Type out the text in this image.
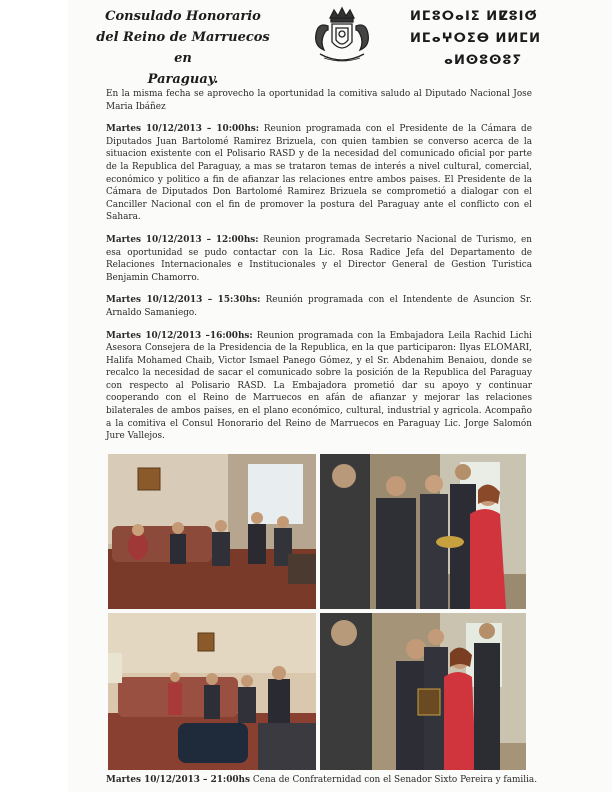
Consulado Honorario
del Reino de Marruecos en
Paraguay.
ⵍⵎⵓⵔⴰⵏⵉ ⵍⵇⵓⵏⵚ
ⵍⵎⴰⵖⵔⵉⴱ ⵍⵍⵎⵍ
ⴰⵍⵙⵓⵙⵓⵢ

En la misma fecha se aprovecho la oportunidad la comitiva saludo al Diputado Nacional Jose Maria Ibáñez

Martes 10/12/2013 – 10:00hs: Reunion programada con el Presidente de la Cámara de Diputados Juan Bartolomé Ramirez Brizuela, con quien tambien se converso acerca de la situacion existente con el Polisario RASD y de la necesidad del comunicado oficial por parte de la Republica del Paraguay, a mas se trataron temas de interés a nivel cultural, comercial, económico y politico a fin de afianzar las relaciones entre ambos paises. El Presidente de la Cámara de Diputados Don Bartolomé Ramirez Brizuela se comprometió a dialogar con el Canciller Nacional con el fin de promover la postura del Paraguay ante el conflicto con el Sahara.

Martes 10/12/2013 – 12:00hs: Reunion programada Secretario Nacional de Turismo, en esa oportunidad se pudo contactar con la Lic. Rosa Radice Jefa del Departamento de Relaciones Internacionales e Institucionales y el Director General de Gestion Turistica Benjamin Chamorro.

Martes 10/12/2013 – 15:30hs: Reunión programada con el Intendente de Asuncion Sr. Arnaldo Samaniego.

Martes 10/12/2013 –16:00hs: Reunion programada con la Embajadora Leila Rachid Lichi Asesora Consejera de la Presidencia de la Republica, en la que participaron: Ilyas ELOMARI, Halifa Mohamed Chaib, Victor Ismael Panego Gómez, y el Sr. Abdenahim Benaiou, donde se recalco la necesidad de sacar el comunicado sobre la posición de la Republica del Paraguay con respecto al Polisario RASD. La Embajadora prometió dar su apoyo y continuar cooperando con el Reino de Marruecos en afán de afianzar y mejorar las relaciones bilaterales de ambos paises, en el plano económico, cultural, industrial y agricola. Acompaño a la comitiva el Consul Honorario del Reino de Marruecos en Paraguay Lic. Jorge Salomón Jure Vallejos.

Martes 10/12/2013 – 21:00hs Cena de Confraternidad con el Senador Sixto Pereira y familia.
